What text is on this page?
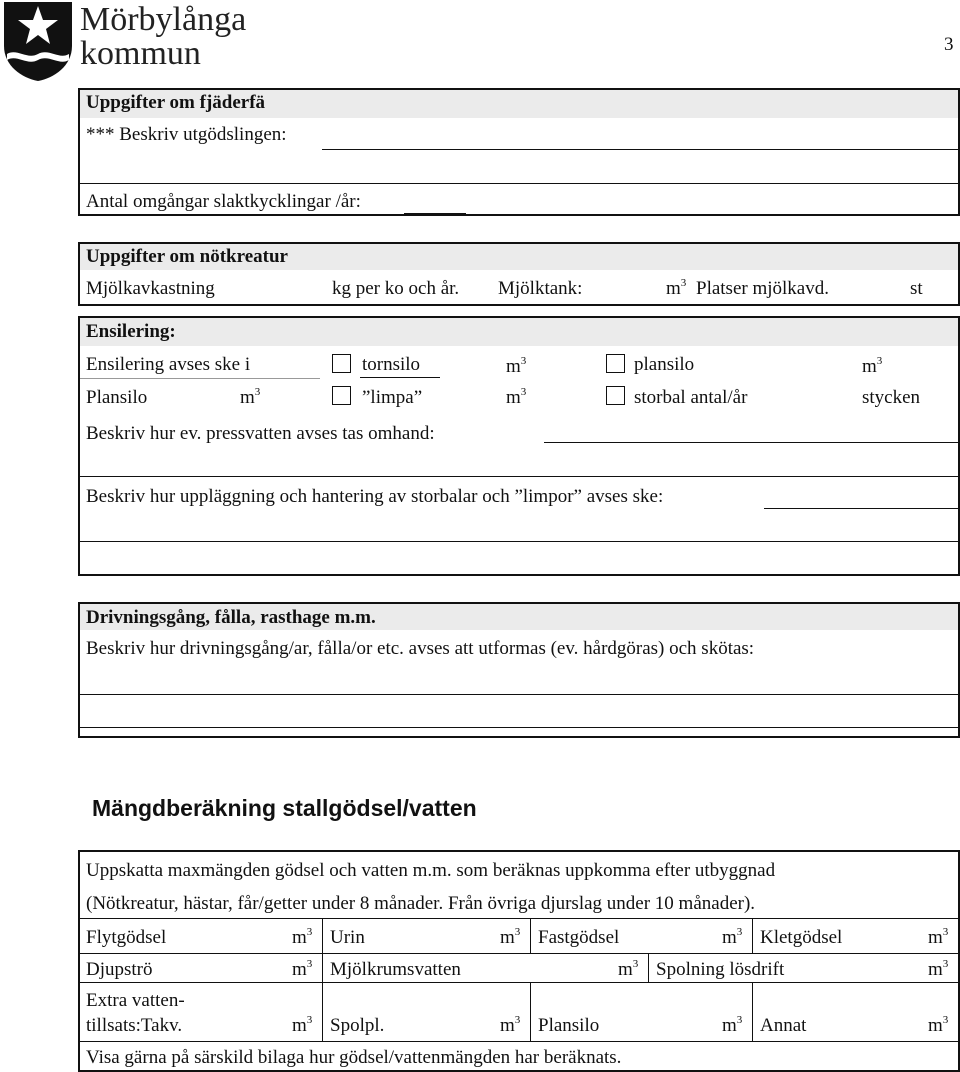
Mörbylånga
kommun	3
Uppgifter om fjäderfä
*** Beskriv utgödslingen:
Antal omgångar slaktkycklingar /år:
Uppgifter om nötkreatur
Mjölkavkastning	kg per ko och år. Mjölktank:	$m^3$ Platser mjölkavd.	st
Ensilering:
Ensilering avses ske i	tornsilo	$m^3$	plansilo	$m^3$
Plansilo	$m^3$	”limpa”	$m^3$	storbal antal/år	stycken
Beskriv hur ev. pressvatten avses tas omhand:
Beskriv hur uppläggning och hantering av storbalar och ”limpor” avses ske:
Drivningsgång, fålla, rasthage m.m.
Beskriv hur drivningsgång/ar, fålla/or etc. avses att utformas (ev. hårdgöras) och skötas:
Mängdberäkning stallgödsel/vatten
Uppskatta maxmängden gödsel och vatten m.m. som beräknas uppkomma efter utbyggnad
(Nötkreatur, hästar, får/getter under 8 månader. Från övriga djurslag under 10 månader).
Flytgödsel	$m^3$ Urin	$m^3$ Fastgödsel	$m^3$ Kletgödsel	$m^3$
Djupströ	$m^3$ Mjölkrumsvatten	$m^3$ Spolning lösdrift	$m^3$
Extra vatten-
tillsats:Takv.	$m^3$ Spolpl.	$m^3$ Plansilo	$m^3$ Annat	$m^3$
Visa gärna på särskild bilaga hur gödsel/vattenmängden har beräknats.
